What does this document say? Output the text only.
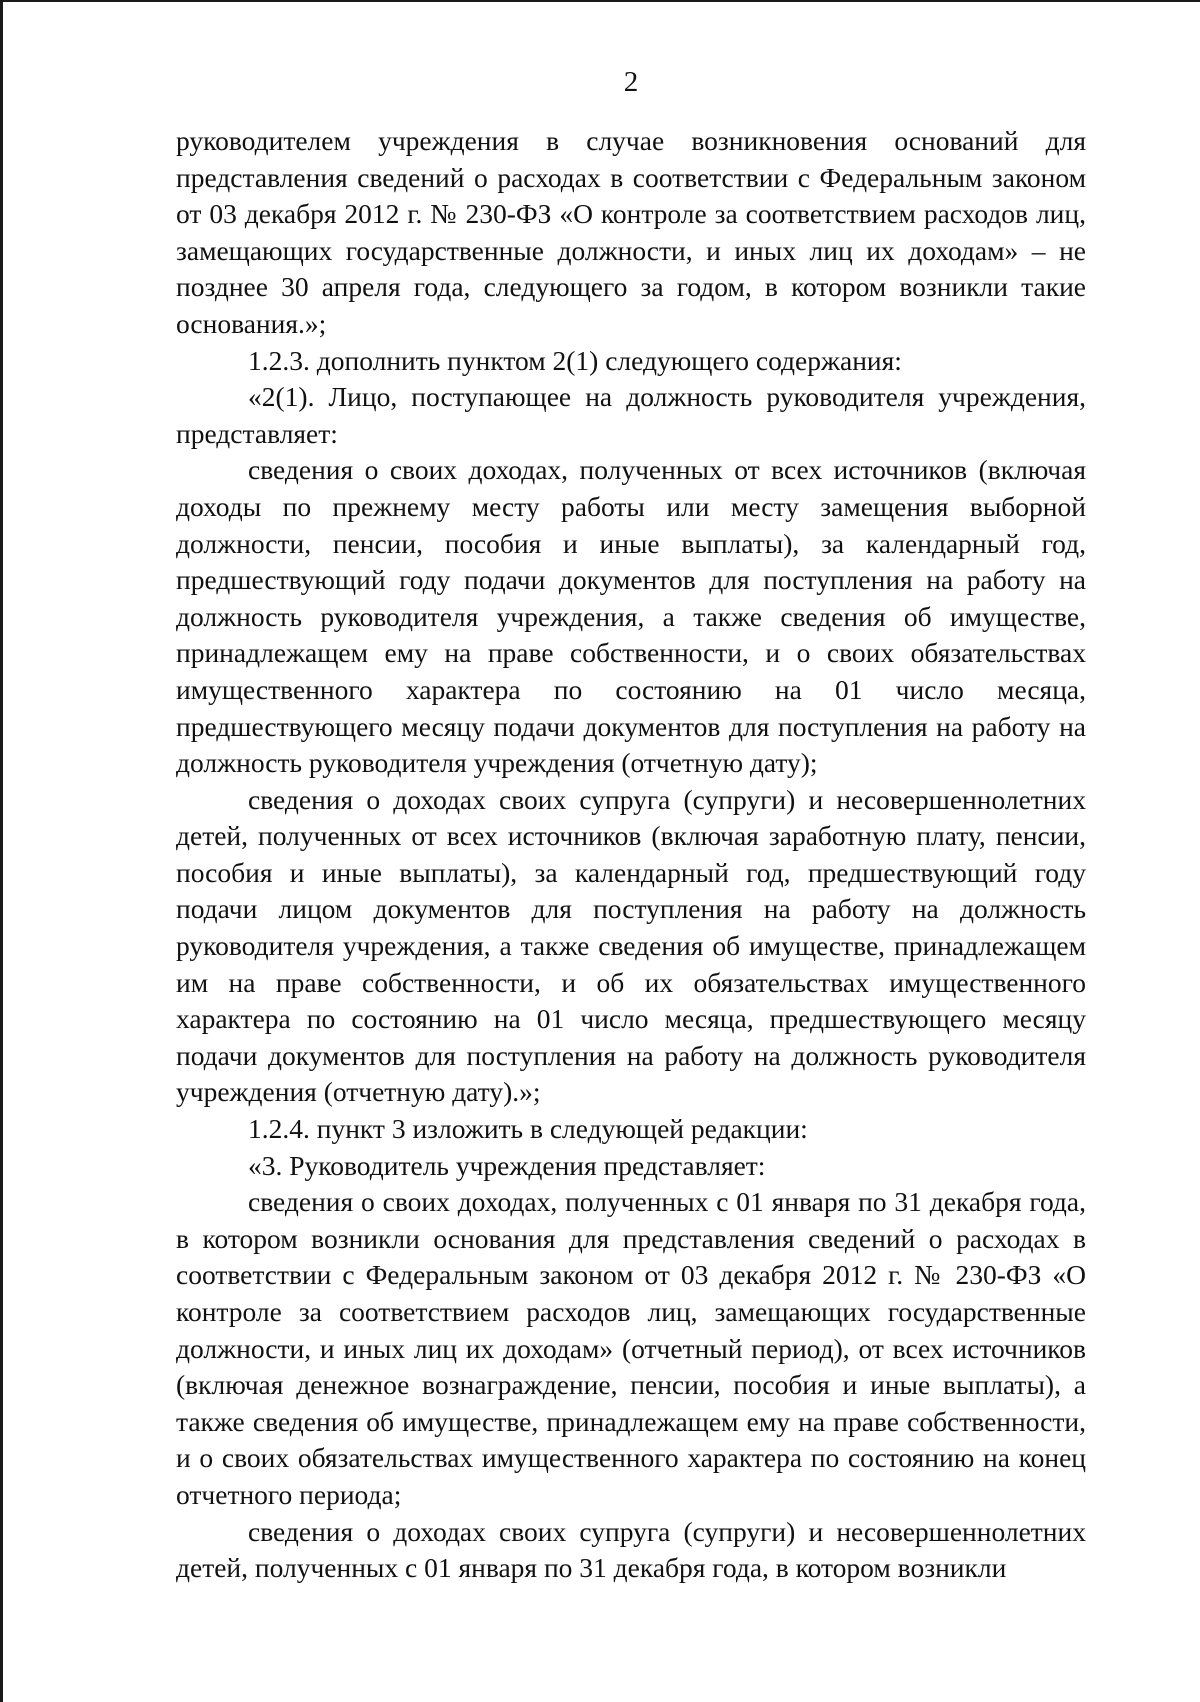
2

руководителем учреждения в случае возникновения оснований для представления сведений о расходах в соответствии с Федеральным законом от 03 декабря 2012 г. № 230-ФЗ «О контроле за соответствием расходов лиц, замещающих государственные должности, и иных лиц их доходам» – не позднее 30 апреля года, следующего за годом, в котором возникли такие основания.»;

1.2.3. дополнить пунктом 2(1) следующего содержания:

«2(1). Лицо, поступающее на должность руководителя учреждения, представляет:

сведения о своих доходах, полученных от всех источников (включая доходы по прежнему месту работы или месту замещения выборной должности, пенсии, пособия и иные выплаты), за календарный год, предшествующий году подачи документов для поступления на работу на должность руководителя учреждения, а также сведения об имуществе, принадлежащем ему на праве собственности, и о своих обязательствах имущественного характера по состоянию на 01 число месяца, предшествующего месяцу подачи документов для поступления на работу на должность руководителя учреждения (отчетную дату);

сведения о доходах своих супруга (супруги) и несовершеннолетних детей, полученных от всех источников (включая заработную плату, пенсии, пособия и иные выплаты), за календарный год, предшествующий году подачи лицом документов для поступления на работу на должность руководителя учреждения, а также сведения об имуществе, принадлежащем им на праве собственности, и об их обязательствах имущественного характера по состоянию на 01 число месяца, предшествующего месяцу подачи документов для поступления на работу на должность руководителя учреждения (отчетную дату).»;

1.2.4. пункт 3 изложить в следующей редакции:

«3. Руководитель учреждения представляет:

сведения о своих доходах, полученных с 01 января по 31 декабря года, в котором возникли основания для представления сведений о расходах в соответствии с Федеральным законом от 03 декабря 2012 г. № 230-ФЗ «О контроле за соответствием расходов лиц, замещающих государственные должности, и иных лиц их доходам» (отчетный период), от всех источников (включая денежное вознаграждение, пенсии, пособия и иные выплаты), а также сведения об имуществе, принадлежащем ему на праве собственности, и о своих обязательствах имущественного характера по состоянию на конец отчетного периода;

сведения о доходах своих супруга (супруги) и несовершеннолетних детей, полученных с 01 января по 31 декабря года, в котором возникли
